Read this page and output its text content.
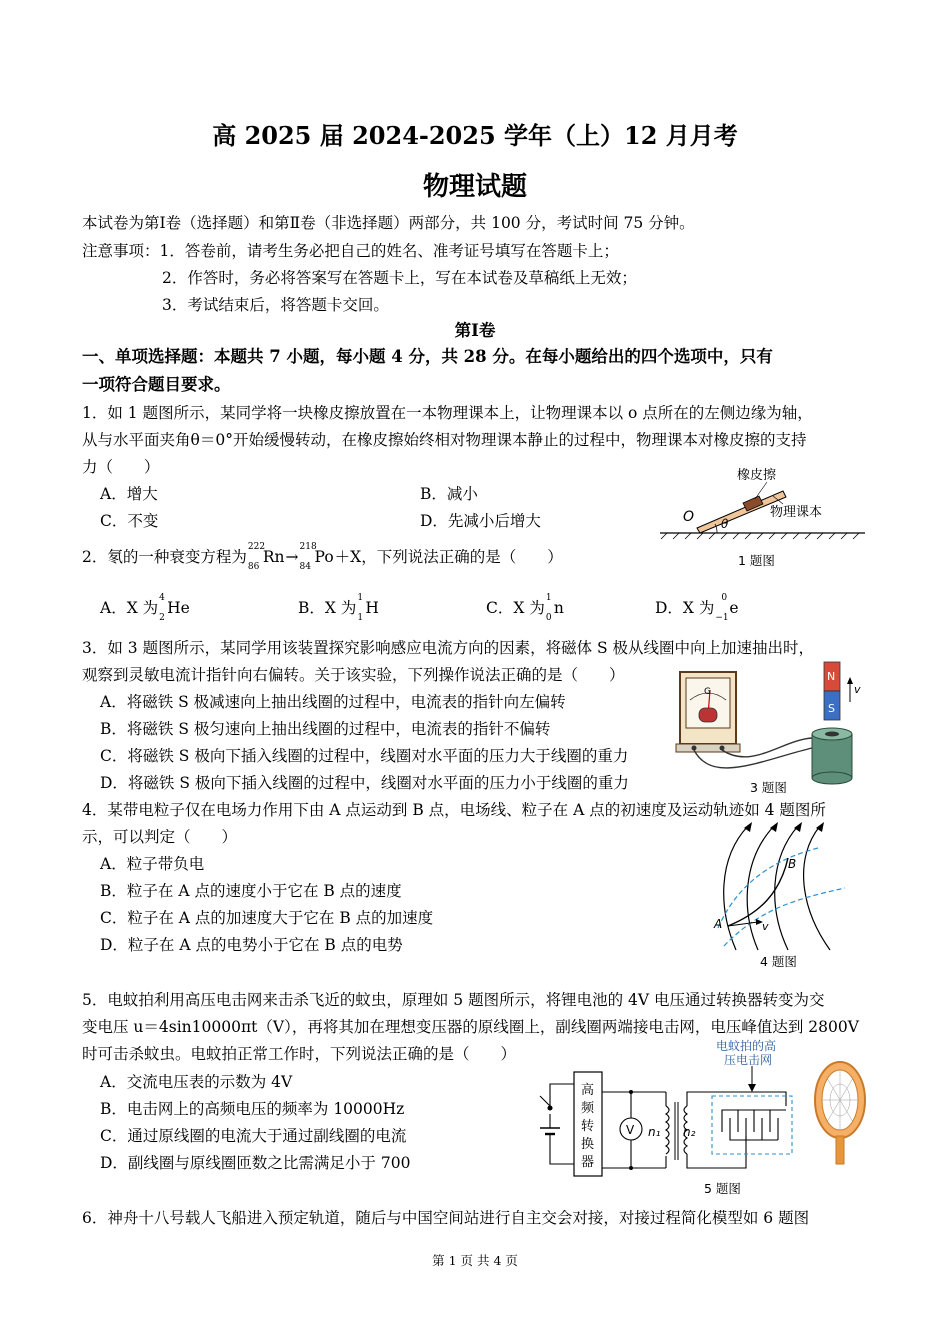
高 2025 届 2024-2025 学年（上）12 月月考
物理试题
本试卷为第Ⅰ卷（选择题）和第Ⅱ卷（非选择题）两部分，共 100 分，考试时间 75 分钟。
注意事项：1．答卷前，请考生务必把自己的姓名、准考证号填写在答题卡上；
2．作答时，务必将答案写在答题卡上，写在本试卷及草稿纸上无效；
3．考试结束后，将答题卡交回。
第Ⅰ卷
一、单项选择题：本题共 7 小题，每小题 4 分，共 28 分。在每小题给出的四个选项中，只有
一项符合题目要求。
1．如 1 题图所示，某同学将一块橡皮擦放置在一本物理课本上，让物理课本以 o 点所在的左侧边缘为轴，
从与水平面夹角θ＝0°开始缓慢转动，在橡皮擦始终相对物理课本静止的过程中，物理课本对橡皮擦的支持
力（　　）
A．增大	B．减小
C．不变	D．先减小后增大	O θ
橡皮擦
物理课本
1 题图
2．氡的一种衰变方程为
222
86
Rn→
218
84
Po＋X，下列说法正确的是（　　）
A．X 为
4
2
He	B．X 为
1
1
H	C．X 为
1
0
n	D．X 为
0
−1
e
3．如 3 题图所示，某同学用该装置探究影响感应电流方向的因素，将磁体 S 极从线圈中向上加速抽出时，
观察到灵敏电流计指针向右偏转。关于该实验，下列操作说法正确的是（　　）
A．将磁铁 S 极减速向上抽出线圈的过程中，电流表的指针向左偏转
B．将磁铁 S 极匀速向上抽出线圈的过程中，电流表的指针不偏转
C．将磁铁 S 极向下插入线圈的过程中，线圈对水平面的压力大于线圈的重力
D．将磁铁 S 极向下插入线圈的过程中，线圈对水平面的压力小于线圈的重力
G
N
S
v
3 题图
4．某带电粒子仅在电场力作用下由 A 点运动到 B 点，电场线、粒子在 A 点的初速度及运动轨迹如 4 题图所
示，可以判定（　　）
A．粒子带负电
B．粒子在 A 点的速度小于它在 B 点的速度
C．粒子在 A 点的加速度大于它在 B 点的加速度
D．粒子在 A 点的电势小于它在 B 点的电势
A
B
v
4 题图
5．电蚊拍利用高压电击网来击杀飞近的蚊虫，原理如 5 题图所示，将锂电池的 4V 电压通过转换器转变为交
变电压 u＝4sin10000πt（V），再将其加在理想变压器的原线圈上，副线圈两端接电击网，电压峰值达到 2800V
时可击杀蚊虫。电蚊拍正常工作时，下列说法正确的是（　　）
A．交流电压表的示数为 4V
B．电击网上的高频电压的频率为 10000Hz
C．通过原线圈的电流大于通过副线圈的电流
D．副线圈与原线圈匝数之比需满足小于 700
高
频
转
换
器
V n₁ n₂
电蚊拍的高
压电击网
5 题图
6．神舟十八号载人飞船进入预定轨道，随后与中国空间站进行自主交会对接，对接过程简化模型如 6 题图
第 1 页 共 4 页
